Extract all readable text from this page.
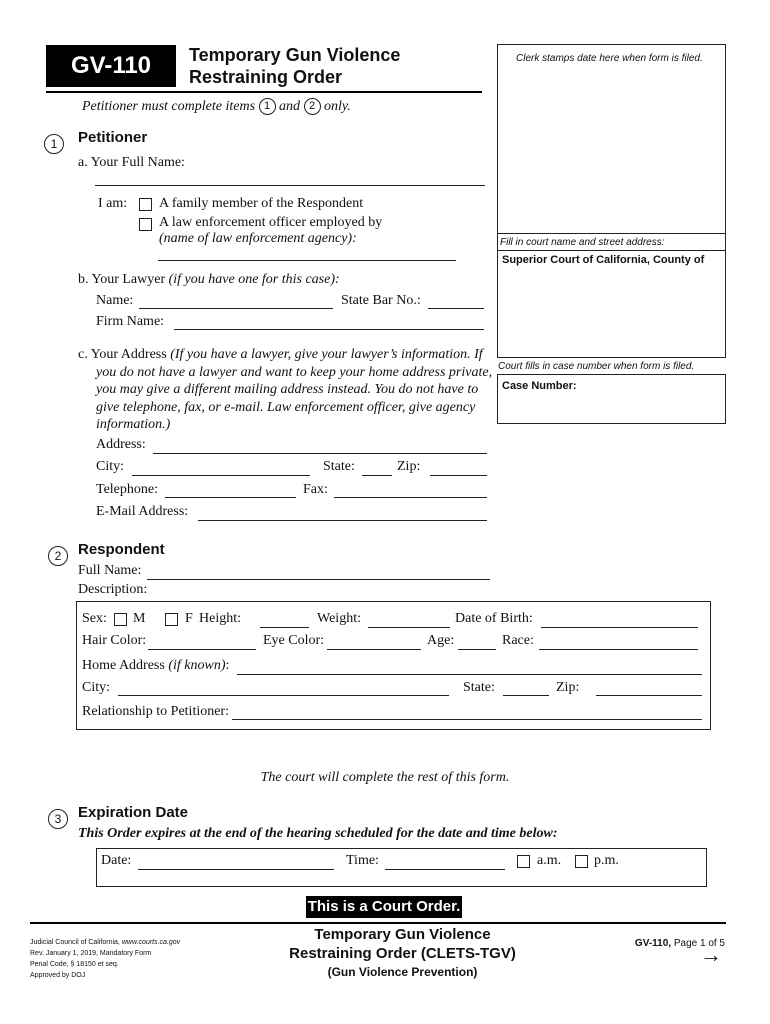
GV-110	Temporary Gun Violence
Restraining Order
Petitioner must complete items 1 and 2 only.
Clerk stamps date here when form is filed.
Fill in court name and street address:
Superior Court of California, County of
Court fills in case number when form is filed.
Case Number:
1	Petitioner
a. Your Full Name:
I am: A family member of the Respondent
A law enforcement officer employed by
(name of law enforcement agency):
b. Your Lawyer (if you have one for this case):
Name:	State Bar No.:
Firm Name:
c. Your Address (If you have a lawyer, give your lawyer’s information. If
you do not have a lawyer and want to keep your home address private,
you may give a different mailing address instead. You do not have to
give telephone, fax, or e-mail. Law enforcement officer, give agency
information.)
Address:
City:	State:	Zip:
Telephone:	Fax:
E-Mail Address:
2	Respondent
Full Name:
Description:
Sex: M	F Height:	Weight:	Date of Birth:
Hair Color:	Eye Color:	Age:	Race:
Home Address (if known):
City:	State:	Zip:
Relationship to Petitioner:
The court will complete the rest of this form.
3	Expiration Date
This Order expires at the end of the hearing scheduled for the date and time below:
Date:	Time:	a.m. p.m.
This is a Court Order.
Judicial Council of California, www.courts.ca.gov
Rev. January 1, 2019, Mandatory Form
Penal Code, § 18150 et seq.
Approved by DOJ
Temporary Gun Violence
Restraining Order (CLETS-TGV)
(Gun Violence Prevention)
GV-110, Page 1 of 5
→
